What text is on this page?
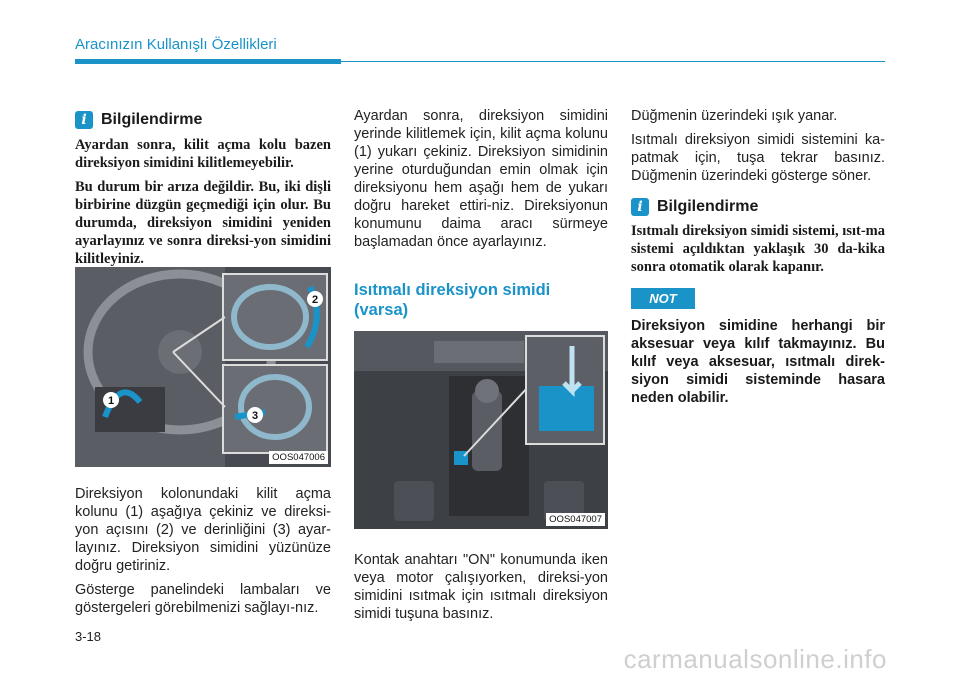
Aracınızın Kullanışlı Özellikleri
i Bilgilendirme

Ayardan sonra, kilit açma kolu bazen direksiyon simidini kilitlemeyebilir.

Bu durum bir arıza değildir. Bu, iki dişli birbirine düzgün geçmediği için olur. Bu durumda, direksiyon simidini yeniden ayarlayınız ve sonra direksi-yon simidini kilitleyiniz.

1
2
3
OOS047006

Direksiyon kolonundaki kilit açma kolunu (1) aşağıya çekiniz ve direksi-yon açısını (2) ve derinliğini (3) ayar-layınız. Direksiyon simidini yüzünüze doğru getiriniz.

Gösterge panelindeki lambaları ve göstergeleri görebilmenizi sağlayı-nız.

Ayardan sonra, direksiyon simidini yerinde kilitlemek için, kilit açma kolunu (1) yukarı çekiniz. Direksiyon simidinin yerine oturduğundan emin olmak için direksiyonu hem aşağı hem de yukarı doğru hareket ettiri-niz. Direksiyonun konumunu daima aracı sürmeye başlamadan önce ayarlayınız.

Isıtmalı direksiyon simidi (varsa)
OOS047007

Kontak anahtarı "ON" konumunda iken veya motor çalışıyorken, direksi-yon simidini ısıtmak için ısıtmalı direksiyon simidi tuşuna basınız.

Düğmenin üzerindeki ışık yanar.

Isıtmalı direksiyon simidi sistemini ka-patmak için, tuşa tekrar basınız. Düğmenin üzerindeki gösterge söner.

i Bilgilendirme

Isıtmalı direksiyon simidi sistemi, ısıt-ma sistemi açıldıktan yaklaşık 30 da-kika sonra otomatik olarak kapanır.

NOT

Direksiyon simidine herhangi bir aksesuar veya kılıf takmayınız. Bu kılıf veya aksesuar, ısıtmalı direk-siyon simidi sisteminde hasara neden olabilir.

3-18
carmanualsonline.info
